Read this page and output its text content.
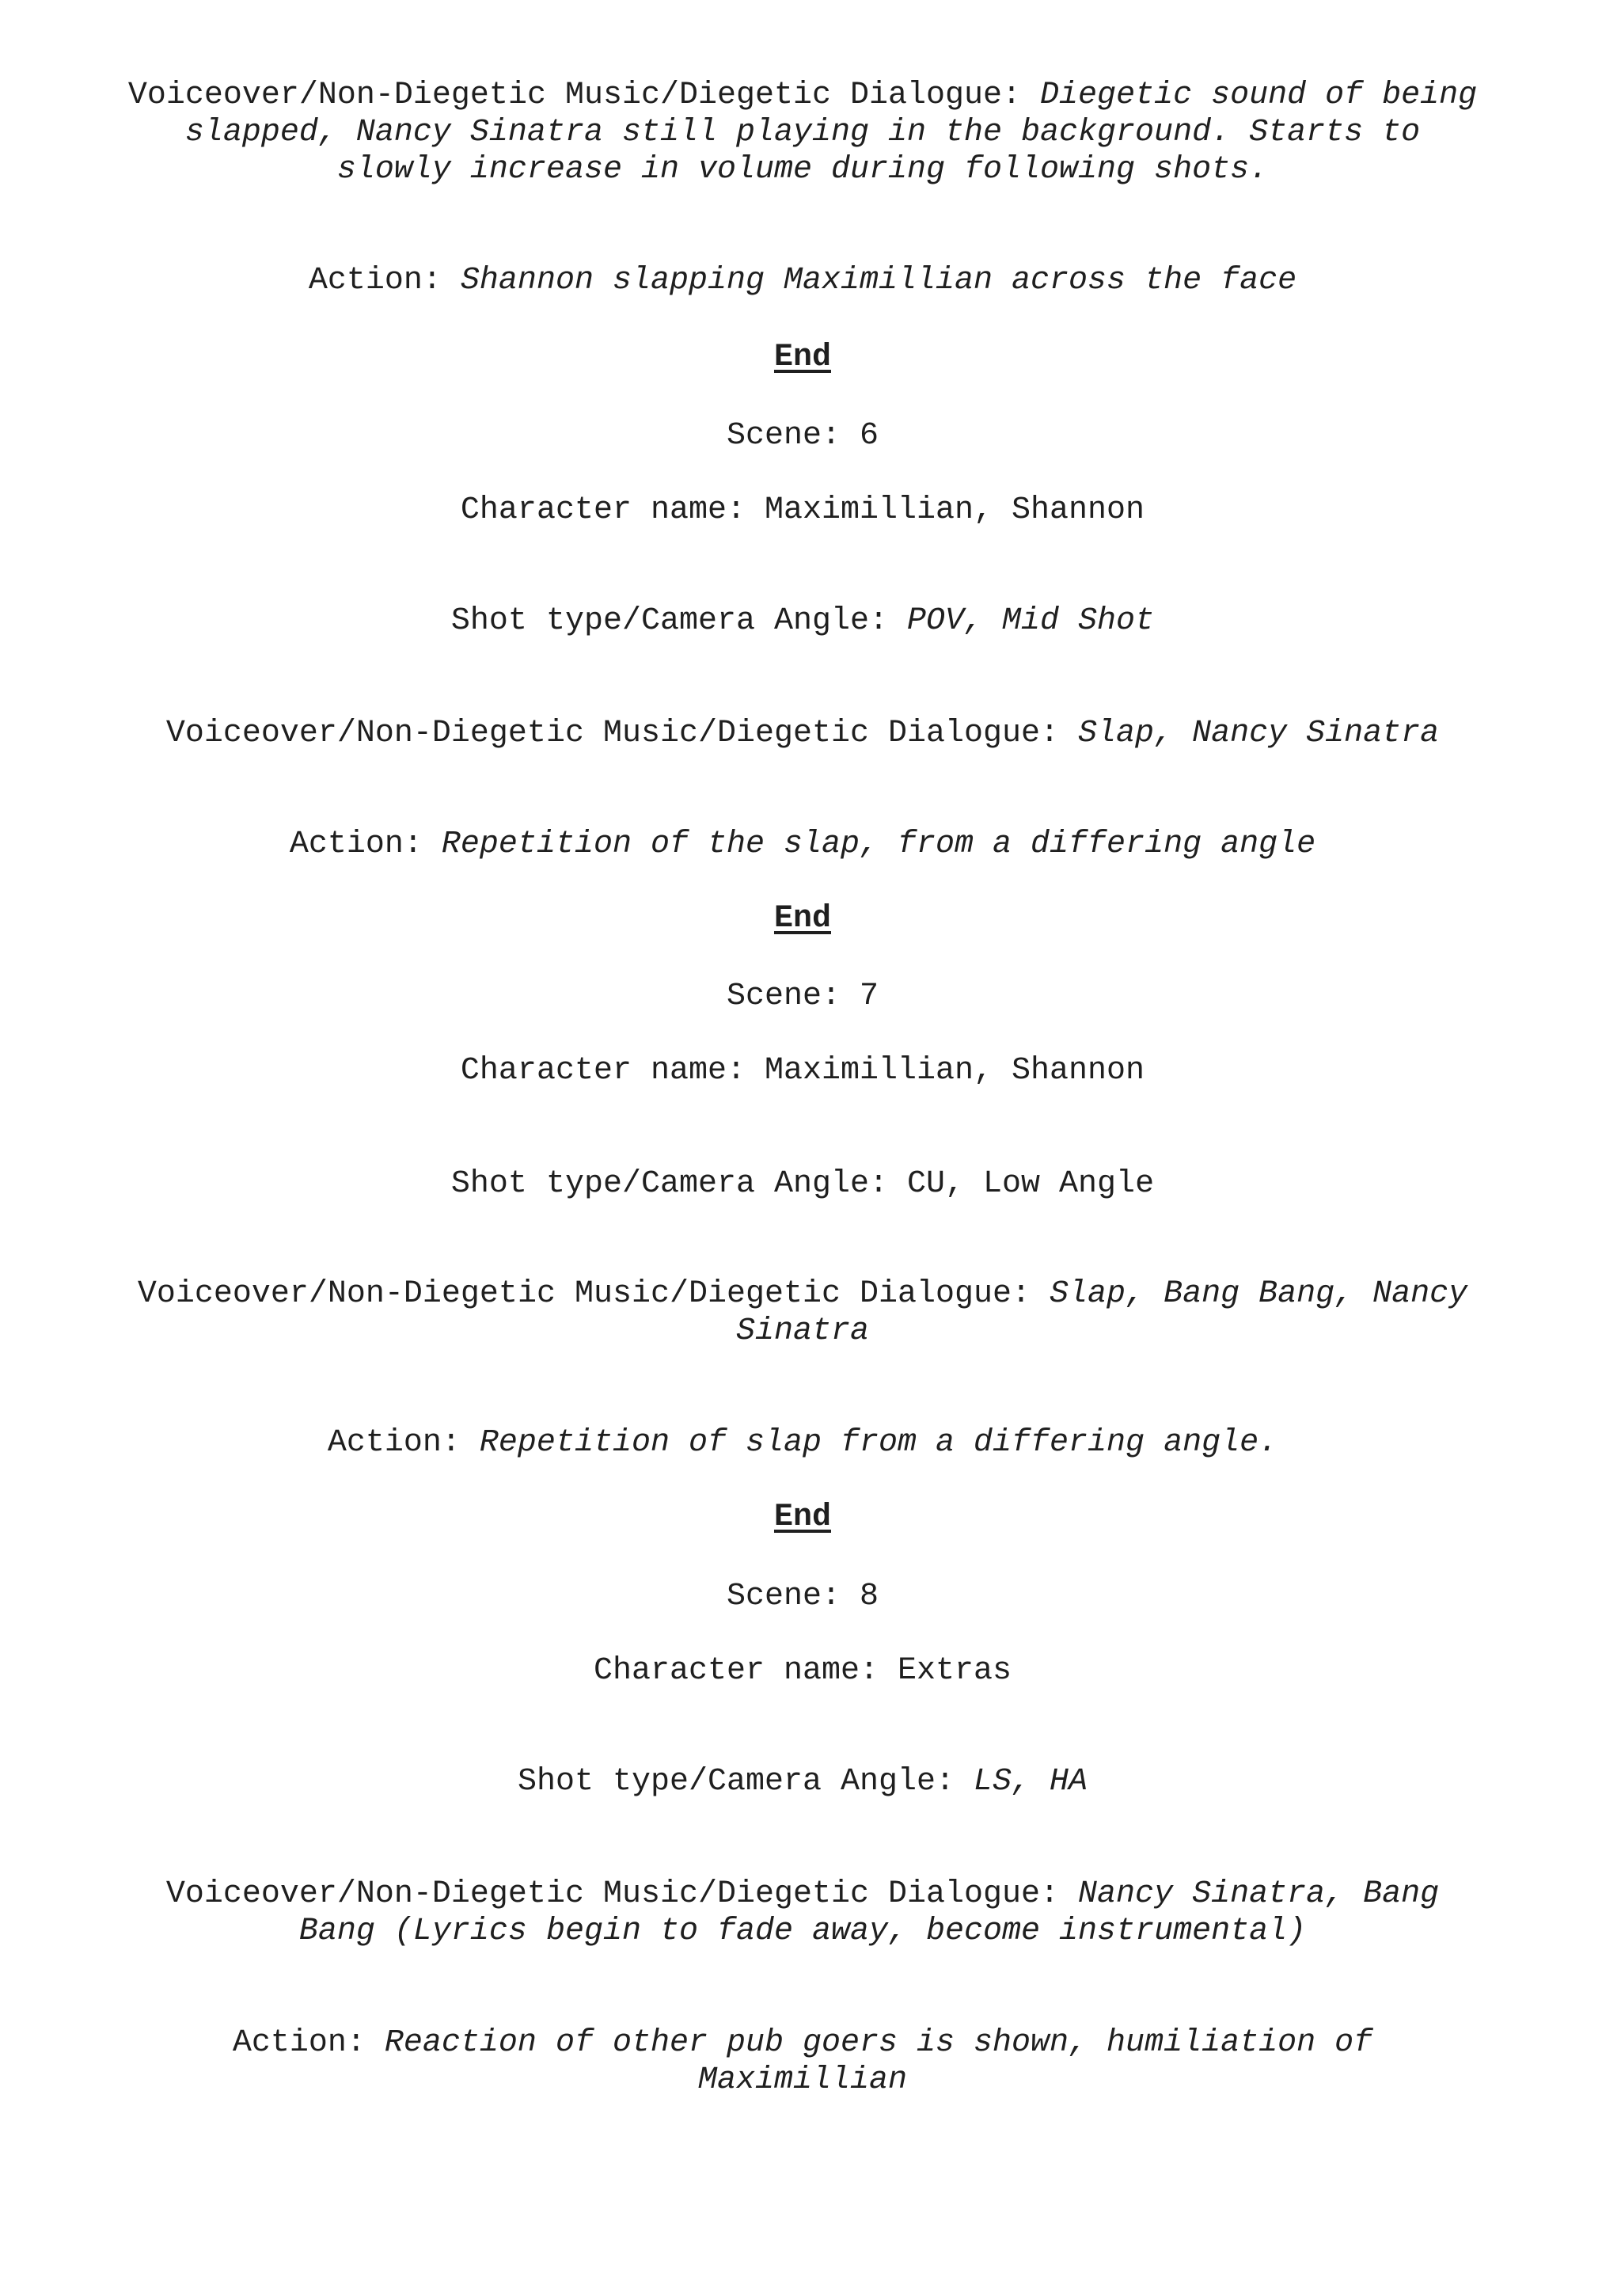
Voiceover/Non-Diegetic Music/Diegetic Dialogue: Diegetic sound of being
slapped, Nancy Sinatra still playing in the background. Starts to
slowly increase in volume during following shots.
Action: Shannon slapping Maximillian across the face
End
Scene: 6
Character name: Maximillian, Shannon
Shot type/Camera Angle: POV, Mid Shot
Voiceover/Non-Diegetic Music/Diegetic Dialogue: Slap, Nancy Sinatra
Action: Repetition of the slap, from a differing angle
End
Scene: 7
Character name: Maximillian, Shannon
Shot type/Camera Angle: CU, Low Angle
Voiceover/Non-Diegetic Music/Diegetic Dialogue: Slap, Bang Bang, Nancy
Sinatra
Action: Repetition of slap from a differing angle.
End
Scene: 8
Character name: Extras
Shot type/Camera Angle: LS, HA
Voiceover/Non-Diegetic Music/Diegetic Dialogue: Nancy Sinatra, Bang
Bang (Lyrics begin to fade away, become instrumental)
Action: Reaction of other pub goers is shown, humiliation of
Maximillian
